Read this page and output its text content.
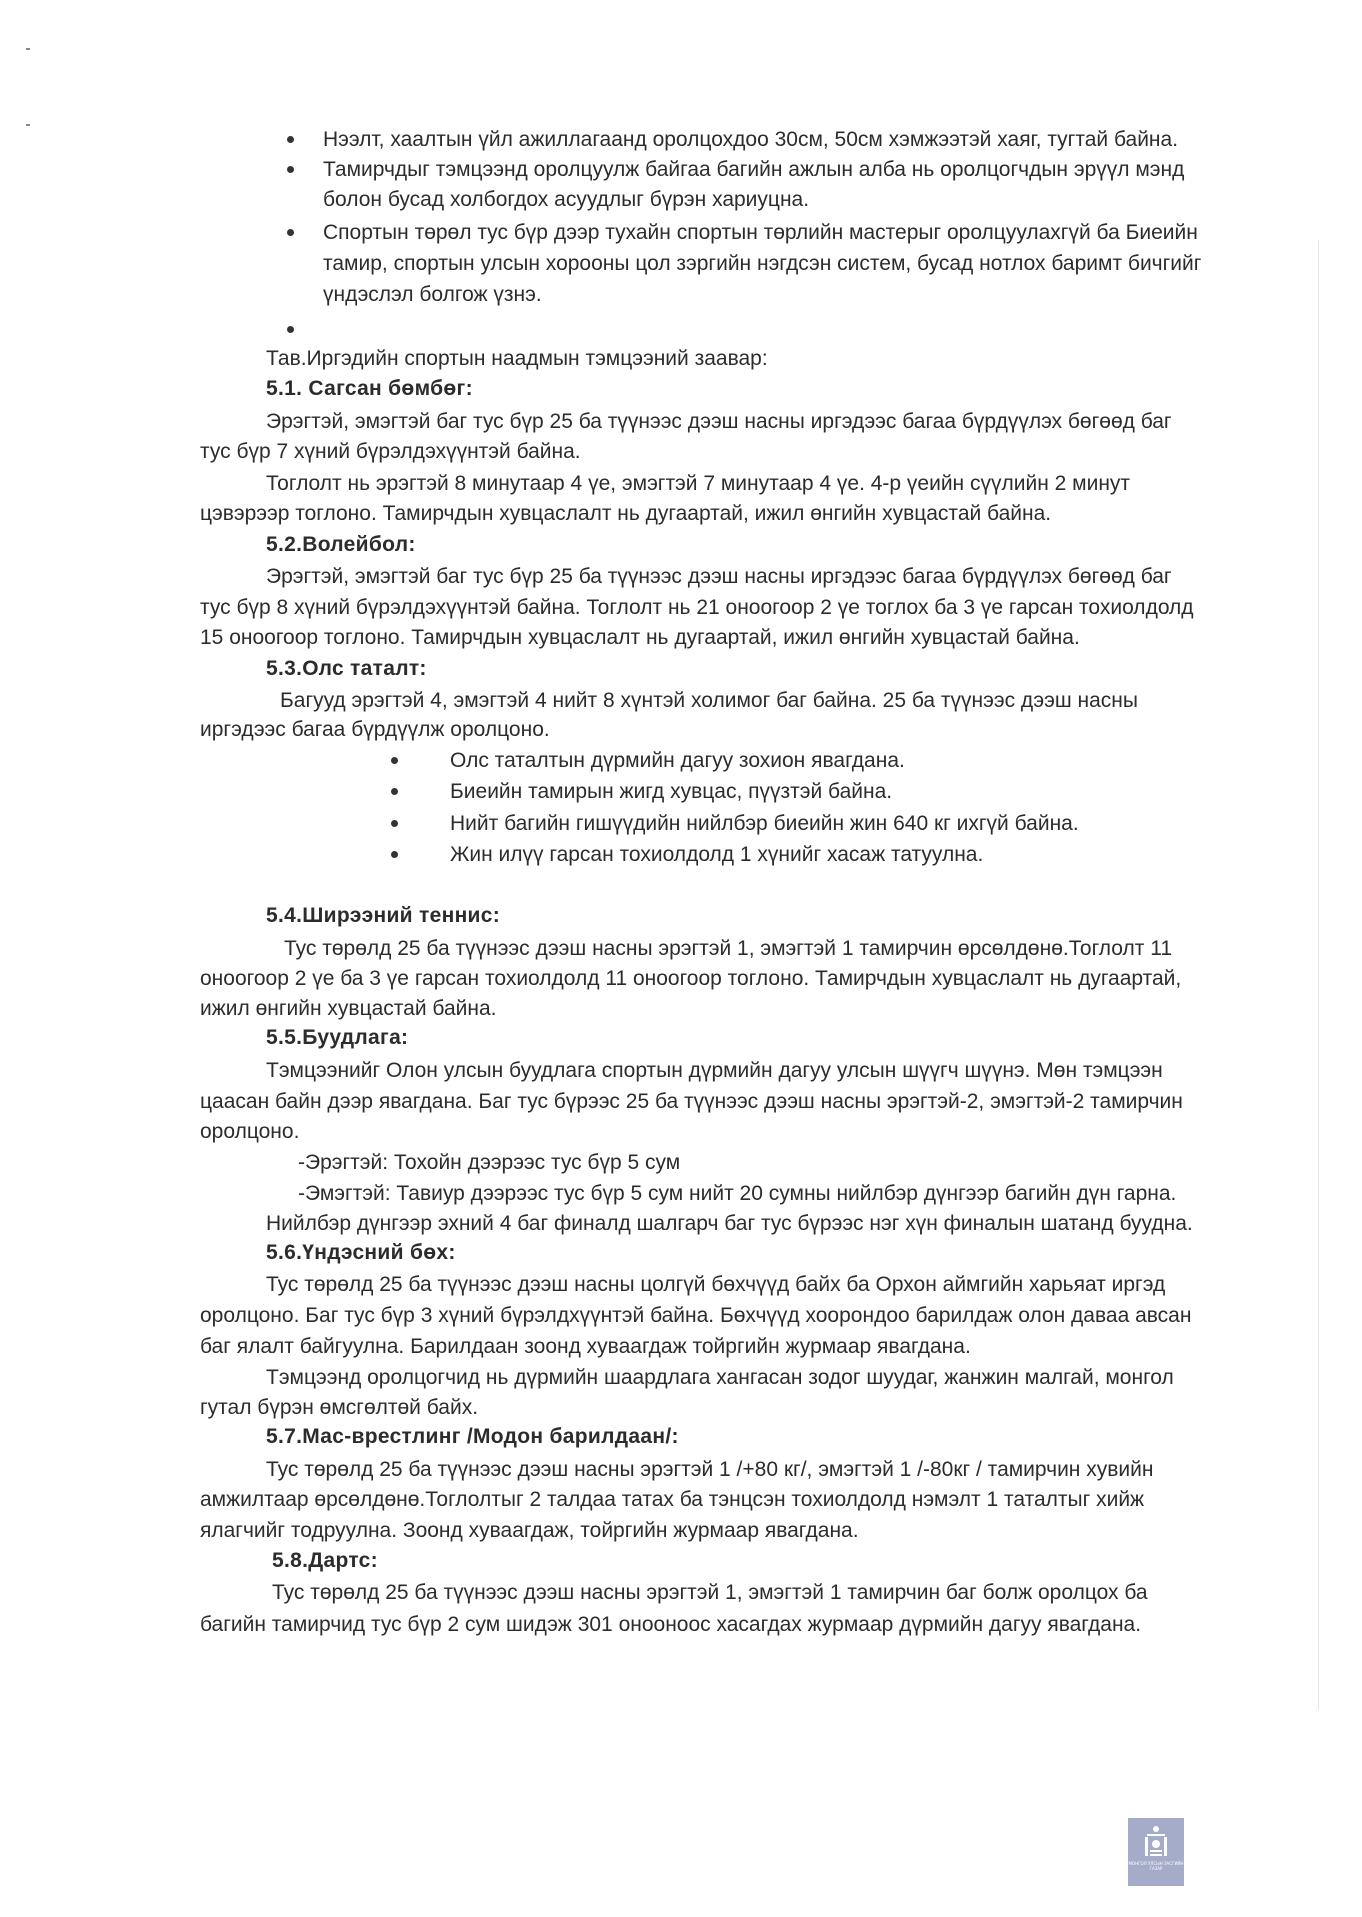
Нээлт, хаалтын үйл ажиллагаанд оролцохдоо 30см, 50см хэмжээтэй хаяг, тугтай байна.
Тамирчдыг тэмцээнд оролцуулж байгаа багийн ажлын алба нь оролцогчдын эрүүл мэнд
болон бусад холбогдох асуудлыг бүрэн хариуцна.
Спортын төрөл тус бүр дээр тухайн спортын төрлийн мастерыг оролцуулахгүй ба Биеийн
тамир, спортын улсын хорооны цол зэргийн нэгдсэн систем, бусад нотлох баримт бичгийг
үндэслэл болгож үзнэ.
Тав.Иргэдийн спортын наадмын тэмцээний заавар:
5.1. Сагсан бөмбөг:
Эрэгтэй, эмэгтэй баг тус бүр 25 ба түүнээс дээш насны иргэдээс багаа бүрдүүлэх бөгөөд баг
тус бүр 7 хүний бүрэлдэхүүнтэй байна.
Тоглолт нь эрэгтэй 8 минутаар 4 үе, эмэгтэй 7 минутаар 4 үе. 4-р үеийн сүүлийн 2 минут
цэвэрээр тоглоно. Тамирчдын хувцаслалт нь дугаартай, ижил өнгийн хувцастай байна.
5.2.Волейбол:
Эрэгтэй, эмэгтэй баг тус бүр 25 ба түүнээс дээш насны иргэдээс багаа бүрдүүлэх бөгөөд баг
тус бүр 8 хүний бүрэлдэхүүнтэй байна. Тоглолт нь 21 оноогоор 2 үе тоглох ба 3 үе гарсан тохиолдолд
15 оноогоор тоглоно. Тамирчдын хувцаслалт нь дугаартай, ижил өнгийн хувцастай байна.
5.3.Олс таталт:
Багууд эрэгтэй 4, эмэгтэй 4 нийт 8 хүнтэй холимог баг байна. 25 ба түүнээс дээш насны
иргэдээс багаа бүрдүүлж оролцоно.
Олс таталтын дүрмийн дагуу зохион явагдана.
Биеийн тамирын жигд хувцас, пүүзтэй байна.
Нийт багийн гишүүдийн нийлбэр биеийн жин 640 кг ихгүй байна.
Жин илүү гарсан тохиолдолд 1 хүнийг хасаж татуулна.
5.4.Ширээний теннис:
Тус төрөлд 25 ба түүнээс дээш насны эрэгтэй 1, эмэгтэй 1 тамирчин өрсөлдөнө.Тоглолт 11
оноогоор 2 үе ба 3 үе гарсан тохиолдолд 11 оноогоор тоглоно. Тамирчдын хувцаслалт нь дугаартай,
ижил өнгийн хувцастай байна.
5.5.Буудлага:
Тэмцээнийг Олон улсын буудлага спортын дүрмийн дагуу улсын шүүгч шүүнэ. Мөн тэмцээн
цаасан байн дээр явагдана. Баг тус бүрээс 25 ба түүнээс дээш насны эрэгтэй-2, эмэгтэй-2 тамирчин
оролцоно.
-Эрэгтэй: Тохойн дээрээс тус бүр 5 сум
-Эмэгтэй: Тавиур дээрээс тус бүр 5 сум нийт 20 сумны нийлбэр дүнгээр багийн дүн гарна.
Нийлбэр дүнгээр эхний 4 баг финалд шалгарч баг тус бүрээс нэг хүн финалын шатанд буудна.
5.6.Үндэсний бөх:
Тус төрөлд 25 ба түүнээс дээш насны цолгүй бөхчүүд байх ба Орхон аймгийн харьяат иргэд
оролцоно. Баг тус бүр 3 хүний бүрэлдхүүнтэй байна. Бөхчүүд хоорондоо барилдаж олон даваа авсан
баг ялалт байгуулна. Барилдаан зоонд хуваагдаж тойргийн журмаар явагдана.
Тэмцээнд оролцогчид нь дүрмийн шаардлага хангасан зодог шуудаг, жанжин малгай, монгол
гутал бүрэн өмсгөлтөй байх.
5.7.Мас-врестлинг /Модон барилдаан/:
Тус төрөлд 25 ба түүнээс дээш насны эрэгтэй 1 /+80 кг/, эмэгтэй 1 /-80кг / тамирчин хувийн
амжилтаар өрсөлдөнө.Тоглолтыг 2 талдаа татах ба тэнцсэн тохиолдолд нэмэлт 1 таталтыг хийж
ялагчийг тодруулна. Зоонд хуваагдаж, тойргийн журмаар явагдана.
5.8.Дартс:
Тус төрөлд 25 ба түүнээс дээш насны эрэгтэй 1, эмэгтэй 1 тамирчин баг болж оролцох ба
багийн тамирчид тус бүр 2 сум шидэж 301 оноонoос хасагдах журмаар дүрмийн дагуу явагдана.
МОНГОЛ УЛСЫН ЗАСГИЙН ГАЗАР
